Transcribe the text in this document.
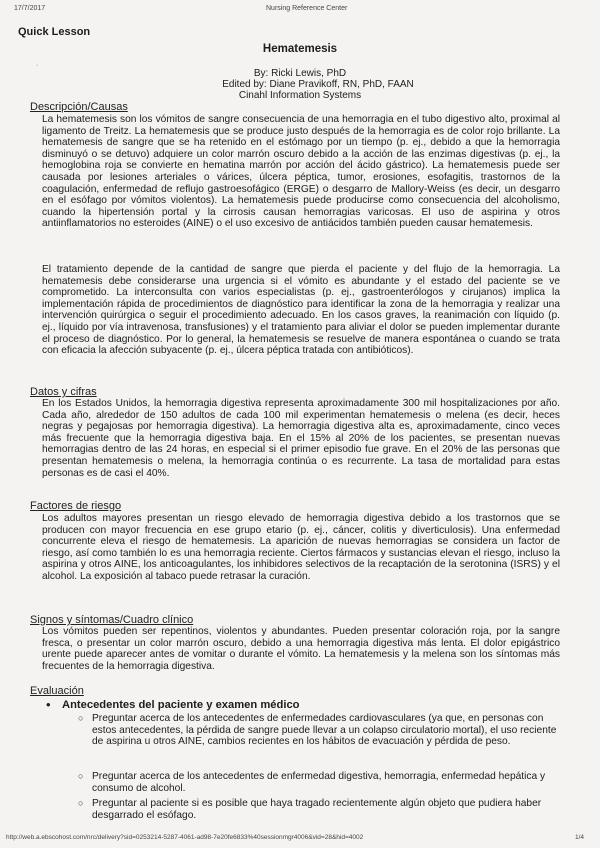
17/7/2017	Nursing Reference Center
Quick Lesson
Hematemesis
·
By: Ricki Lewis, PhD
Edited by: Diane Pravikoff, RN, PhD, FAAN
Cinahl Information Systems
Descripción/Causas
La hematemesis son los vómitos de sangre consecuencia de una hemorragia en el tubo digestivo alto, proximal al ligamento de Treitz. La hematemesis que se produce justo después de la hemorragia es de color rojo brillante. La hematemesis de sangre que se ha retenido en el estómago por un tiempo (p. ej., debido a que la hemorragia disminuyó o se detuvo) adquiere un color marrón oscuro debido a la acción de las enzimas digestivas (p. ej., la hemoglobina roja se convierte en hematina marrón por acción del ácido gástrico). La hematemesis puede ser causada por lesiones arteriales o várices, úlcera péptica, tumor, erosiones, esofagitis, trastornos de la coagulación, enfermedad de reflujo gastroesofágico (ERGE) o desgarro de Mallory-Weiss (es decir, un desgarro en el esófago por vómitos violentos). La hematemesis puede producirse como consecuencia del alcoholismo, cuando la hipertensión portal y la cirrosis causan hemorragias varicosas. El uso de aspirina y otros antiinflamatorios no esteroides (AINE) o el uso excesivo de antiácidos también pueden causar hematemesis.
El tratamiento depende de la cantidad de sangre que pierda el paciente y del flujo de la hemorragia. La hematemesis debe considerarse una urgencia si el vómito es abundante y el estado del paciente se ve comprometido. La interconsulta con varios especialistas (p. ej., gastroenterólogos y cirujanos) implica la implementación rápida de procedimientos de diagnóstico para identificar la zona de la hemorragia y realizar una intervención quirúrgica o seguir el procedimiento adecuado. En los casos graves, la reanimación con líquido (p. ej., líquido por vía intravenosa, transfusiones) y el tratamiento para aliviar el dolor se pueden implementar durante el proceso de diagnóstico. Por lo general, la hematemesis se resuelve de manera espontánea o cuando se trata con eficacia la afección subyacente (p. ej., úlcera péptica tratada con antibióticos).
Datos y cifras
En los Estados Unidos, la hemorragia digestiva representa aproximadamente 300 mil hospitalizaciones por año. Cada año, alrededor de 150 adultos de cada 100 mil experimentan hematemesis o melena (es decir, heces negras y pegajosas por hemorragia digestiva). La hemorragia digestiva alta es, aproximadamente, cinco veces más frecuente que la hemorragia digestiva baja. En el 15% al 20% de los pacientes, se presentan nuevas hemorragias dentro de las 24 horas, en especial si el primer episodio fue grave. En el 20% de las personas que presentan hematemesis o melena, la hemorragia continúa o es recurrente. La tasa de mortalidad para estas personas es de casi el 40%.
Factores de riesgo
Los adultos mayores presentan un riesgo elevado de hemorragia digestiva debido a los trastornos que se producen con mayor frecuencia en ese grupo etario (p. ej., cáncer, colitis y diverticulosis). Una enfermedad concurrente eleva el riesgo de hematemesis. La aparición de nuevas hemorragias se considera un factor de riesgo, así como también lo es una hemorragia reciente. Ciertos fármacos y sustancias elevan el riesgo, incluso la aspirina y otros AINE, los anticoagulantes, los inhibidores selectivos de la recaptación de la serotonina (ISRS) y el alcohol. La exposición al tabaco puede retrasar la curación.
Signos y síntomas/Cuadro clínico
Los vómitos pueden ser repentinos, violentos y abundantes. Pueden presentar coloración roja, por la sangre fresca, o presentar un color marrón oscuro, debido a una hemorragia digestiva más lenta. El dolor epigástrico urente puede aparecer antes de vomitar o durante el vómito. La hematemesis y la melena son los síntomas más frecuentes de la hemorragia digestiva.
Evaluación
• Antecedentes del paciente y examen médico
○ Preguntar acerca de los antecedentes de enfermedades cardiovasculares (ya que, en personas con estos antecedentes, la pérdida de sangre puede llevar a un colapso circulatorio mortal), el uso reciente de aspirina u otros AINE, cambios recientes en los hábitos de evacuación y pérdida de peso.
○ Preguntar acerca de los antecedentes de enfermedad digestiva, hemorragia, enfermedad hepática y consumo de alcohol.
○ Preguntar al paciente si es posible que haya tragado recientemente algún objeto que pudiera haber desgarrado el esófago.
http://web.a.ebscohost.com/nrc/delivery?sid=0253214-5287-4061-ad98-7e20fe6833%40sessionmgr4006&vid=28&hid=4002	1/4
